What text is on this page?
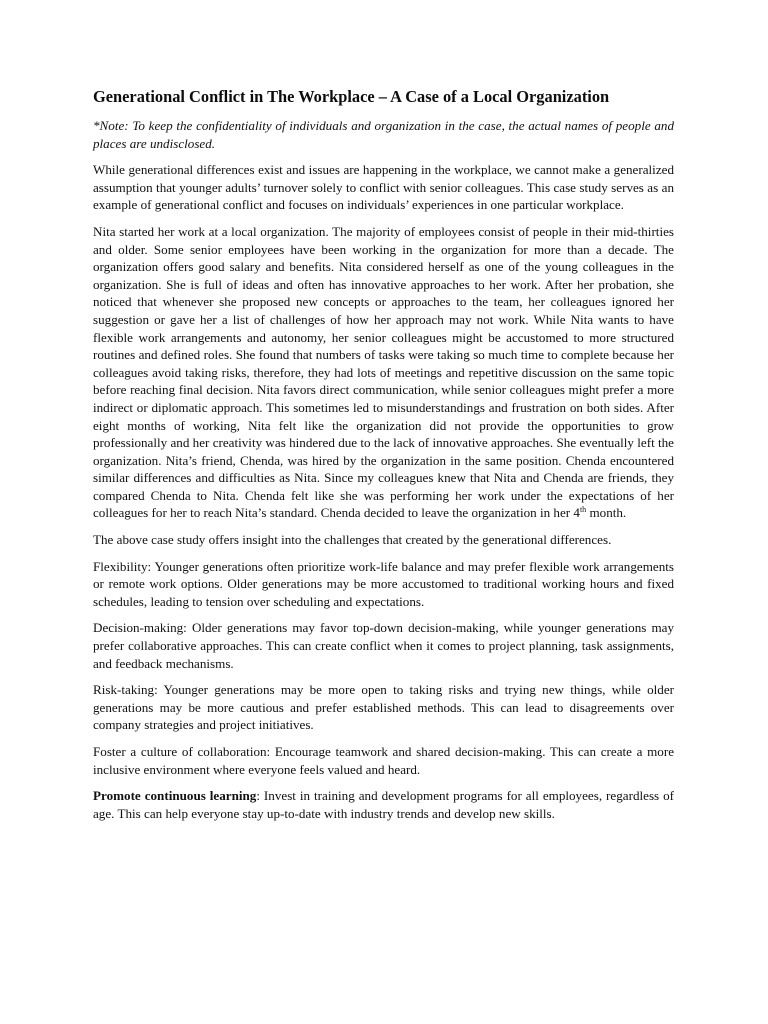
Generational Conflict in The Workplace – A Case of a Local Organization

*Note: To keep the confidentiality of individuals and organization in the case, the actual names of people and places are undisclosed.

While generational differences exist and issues are happening in the workplace, we cannot make a generalized assumption that younger adults’ turnover solely to conflict with senior colleagues. This case study serves as an example of generational conflict and focuses on individuals’ experiences in one particular workplace.

Nita started her work at a local organization. The majority of employees consist of people in their mid-thirties and older. Some senior employees have been working in the organization for more than a decade. The organization offers good salary and benefits. Nita considered herself as one of the young colleagues in the organization. She is full of ideas and often has innovative approaches to her work. After her probation, she noticed that whenever she proposed new concepts or approaches to the team, her colleagues ignored her suggestion or gave her a list of challenges of how her approach may not work. While Nita wants to have flexible work arrangements and autonomy, her senior colleagues might be accustomed to more structured routines and defined roles. She found that numbers of tasks were taking so much time to complete because her colleagues avoid taking risks, therefore, they had lots of meetings and repetitive discussion on the same topic before reaching final decision. Nita favors direct communication, while senior colleagues might prefer a more indirect or diplomatic approach. This sometimes led to misunderstandings and frustration on both sides. After eight months of working, Nita felt like the organization did not provide the opportunities to grow professionally and her creativity was hindered due to the lack of innovative approaches. She eventually left the organization. Nita’s friend, Chenda, was hired by the organization in the same position. Chenda encountered similar differences and difficulties as Nita. Since my colleagues knew that Nita and Chenda are friends, they compared Chenda to Nita. Chenda felt like she was performing her work under the expectations of her colleagues for her to reach Nita’s standard. Chenda decided to leave the organization in her 4th month.

The above case study offers insight into the challenges that created by the generational differences.

Flexibility: Younger generations often prioritize work-life balance and may prefer flexible work arrangements or remote work options. Older generations may be more accustomed to traditional working hours and fixed schedules, leading to tension over scheduling and expectations.

Decision-making: Older generations may favor top-down decision-making, while younger generations may prefer collaborative approaches. This can create conflict when it comes to project planning, task assignments, and feedback mechanisms.

Risk-taking: Younger generations may be more open to taking risks and trying new things, while older generations may be more cautious and prefer established methods. This can lead to disagreements over company strategies and project initiatives.

Foster a culture of collaboration: Encourage teamwork and shared decision-making. This can create a more inclusive environment where everyone feels valued and heard.

Promote continuous learning: Invest in training and development programs for all employees, regardless of age. This can help everyone stay up-to-date with industry trends and develop new skills.
